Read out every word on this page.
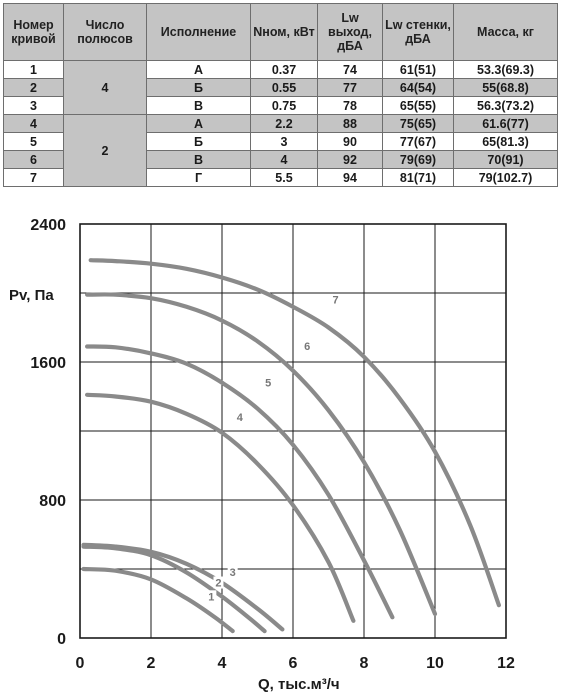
Номер кривой	Число полюсов	Исполнение	Nном, кВт	Lw выход, дБА	Lw стенки, дБА	Масса, кг
1	4	А	0.37	74	61(51)	53.3(69.3)
2		Б	0.55	77	64(54)	55(68.8)
3		В	0.75	78	65(55)	56.3(73.2)
4	2	А	2.2	88	75(65)	61.6(77)
5		Б	3	90	77(67)	65(81.3)
6		В	4	92	79(69)	70(91)
7		Г	5.5	94	81(71)	79(102.7)
0	2	4	6	8	10	12
0
800
1600
2400
Pv, Па
Q, тыс.м³/ч
1
2
3
4
5
6
7
